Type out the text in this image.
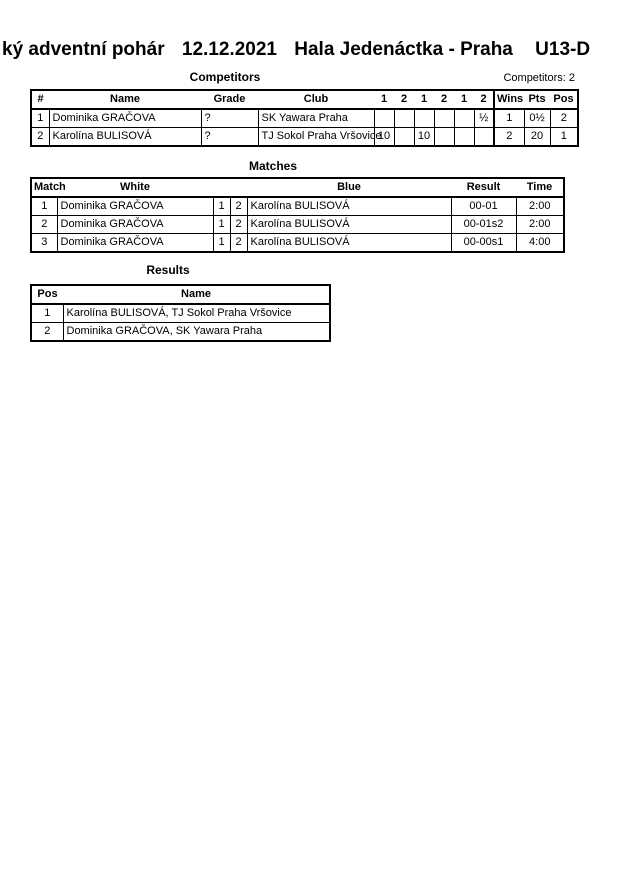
ký adventní pohár 12.12.2021 Hala Jedenáctka - Praha U13-D
Competitors	Competitors: 2
#	Name	Grade	Club	1	2	1	2	1	2	Wins	Pts	Pos
1	Dominika GRAČOVA	?	SK Yawara Praha						½	1	0½	2
2	Karolína BULISOVÁ	?	TJ Sokol Praha Vršovice	10		10				2	20	1
Matches
Match	White			Blue	Result	Time
1	Dominika GRAČOVA	1	2	Karolína BULISOVÁ	00-01	2:00
2	Dominika GRAČOVA	1	2	Karolína BULISOVÁ	00-01s2	2:00
3	Dominika GRAČOVA	1	2	Karolína BULISOVÁ	00-00s1	4:00
Results
Pos	Name
1	Karolína BULISOVÁ, TJ Sokol Praha Vršovice
2	Dominika GRAČOVA, SK Yawara Praha
